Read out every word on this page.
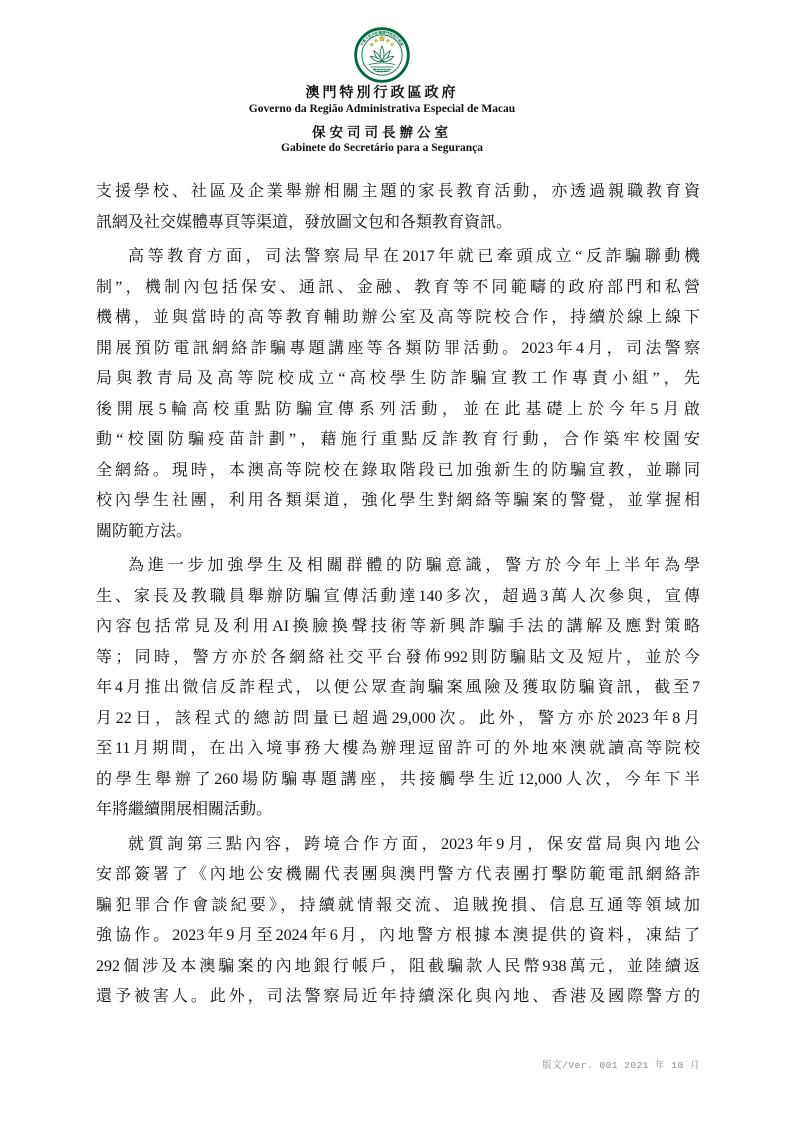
中華人民共和國澳門特別行政區
MACAU
澳門特別行政區政府
Governo da Região Administrativa Especial de Macau
保安司司長辦公室
Gabinete do Secretário para a Segurança
支援學校、社區及企業舉辦相關主題的家長教育活動，亦透過親職教育資
訊網及社交媒體專頁等渠道，發放圖文包和各類教育資訊。
高等教育方面，司法警察局早在2017年就已牽頭成立“反詐騙聯動機
制”，機制內包括保安、通訊、金融、教育等不同範疇的政府部門和私營
機構，並與當時的高等教育輔助辦公室及高等院校合作，持續於線上線下
開展預防電訊網絡詐騙專題講座等各類防罪活動。2023年4月，司法警察
局與教青局及高等院校成立“高校學生防詐騙宣教工作專責小組”，先
後開展5輪高校重點防騙宣傳系列活動，並在此基礎上於今年5月啟
動“校園防騙疫苗計劃”，藉施行重點反詐教育行動，合作築牢校園安
全網絡。現時，本澳高等院校在錄取階段已加強新生的防騙宣教，並聯同
校內學生社團，利用各類渠道，強化學生對網絡等騙案的警覺，並掌握相
關防範方法。
為進一步加強學生及相關群體的防騙意識，警方於今年上半年為學
生、家長及教職員舉辦防騙宣傳活動達140多次，超過3萬人次參與，宣傳
內容包括常見及利用AI換臉換聲技術等新興詐騙手法的講解及應對策略
等；同時，警方亦於各網絡社交平台發佈992則防騙貼文及短片，並於今
年4月推出微信反詐程式，以便公眾查詢騙案風險及獲取防騙資訊，截至7
月22日，該程式的總訪問量已超過29,000次。此外，警方亦於2023年8月
至11月期間，在出入境事務大樓為辦理逗留許可的外地來澳就讀高等院校
的學生舉辦了260場防騙專題講座，共接觸學生近12,000人次，今年下半
年將繼續開展相關活動。
就質詢第三點內容，跨境合作方面，2023年9月，保安當局與內地公
安部簽署了《內地公安機關代表團與澳門警方代表團打擊防範電訊網絡詐
騙犯罪合作會談紀要》，持續就情報交流、追賊挽損、信息互通等領域加
強協作。2023年9月至2024年6月，內地警方根據本澳提供的資料，凍結了
292個涉及本澳騙案的內地銀行帳戶，阻截騙款人民幣938萬元，並陸續返
還予被害人。此外，司法警察局近年持續深化與內地、香港及國際警方的
版文/Ver. 001 2021 年 10 月
